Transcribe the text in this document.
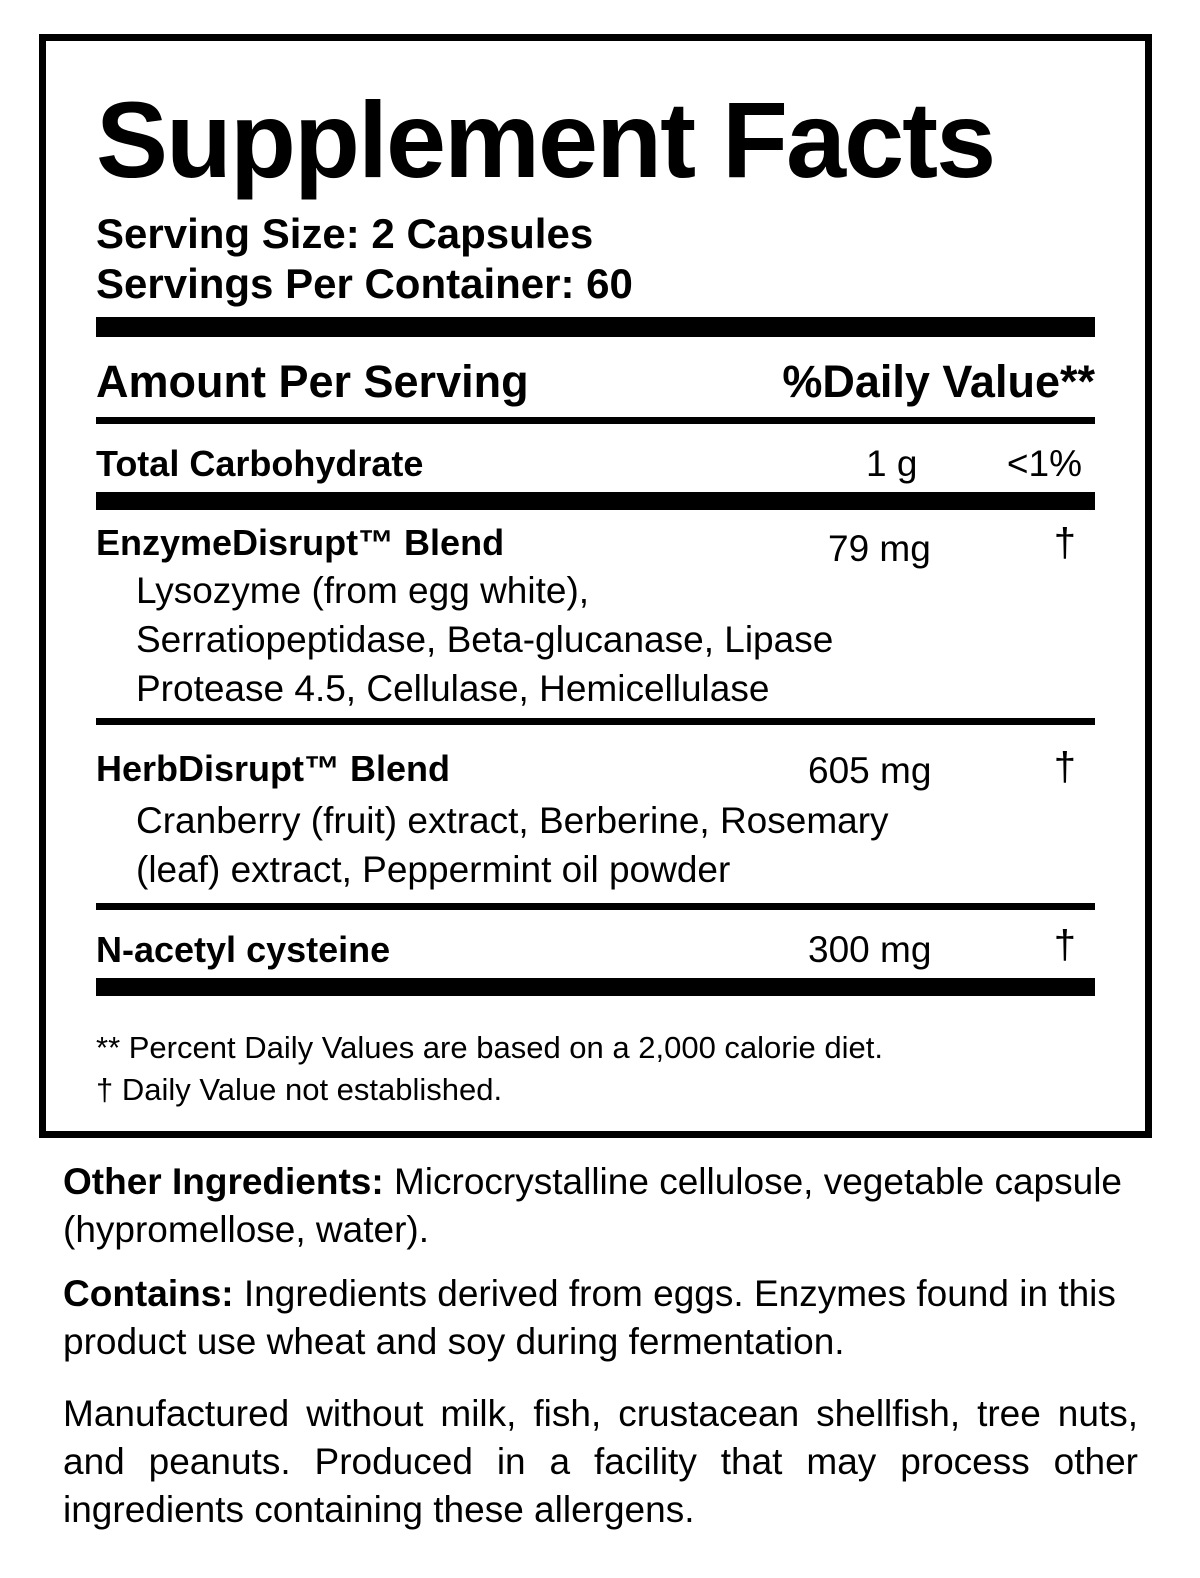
Supplement Facts
Serving Size: 2 Capsules
Servings Per Container: 60
Amount Per Serving	%Daily Value**
Total Carbohydrate	1 g <1%
EnzymeDisrupt™ Blend	79 mg	†
Lysozyme (from egg white),
Serratiopeptidase, Beta-glucanase, Lipase
Protease 4.5, Cellulase, Hemicellulase
HerbDisrupt™ Blend	605 mg	†
Cranberry (fruit) extract, Berberine, Rosemary
(leaf) extract, Peppermint oil powder
N-acetyl cysteine	300 mg	†
** Percent Daily Values are based on a 2,000 calorie diet.
† Daily Value not established.
Other Ingredients: Microcrystalline cellulose, vegetable capsule (hypromellose, water).
Contains: Ingredients derived from eggs. Enzymes found in this product use wheat and soy during fermentation.
Manufactured without milk, fish, crustacean shellfish, tree nuts, and peanuts. Produced in a facility that may process other ingredients containing these allergens.
